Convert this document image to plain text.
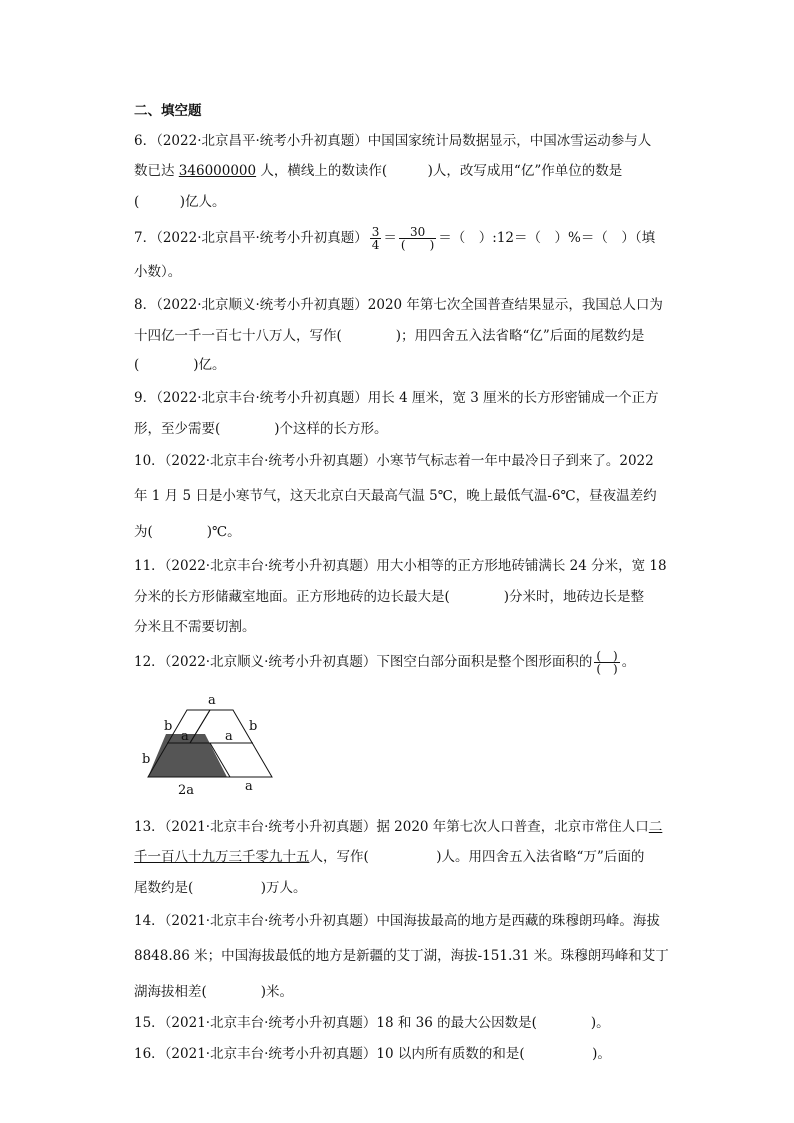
二、填空题
6．（2022·北京昌平·统考小升初真题）中国国家统计局数据显示，中国冰雪运动参与人
数已达 346000000 人，横线上的数读作(　　　)人，改写成用“亿”作单位的数是
(　　　)亿人。
7．（2022·北京昌平·统考小升初真题） $\frac{3}{4} = \frac{30}{( )}$ ＝（　）:12＝（　）%＝（　）（填
小数）。
8．（2022·北京顺义·统考小升初真题）2020 年第七次全国普查结果显示，我国总人口为
十四亿一千一百七十八万人，写作(　　　　)；用四舍五入法省略“亿”后面的尾数约是
(　　　　)亿。
9．（2022·北京丰台·统考小升初真题）用长 4 厘米，宽 3 厘米的长方形密铺成一个正方
形，至少需要(　　　　)个这样的长方形。
10．（2022·北京丰台·统考小升初真题）小寒节气标志着一年中最冷日子到来了。2022
年 1 月 5 日是小寒节气，这天北京白天最高气温 5℃，晚上最低气温-6℃，昼夜温差约
为(　　　　)℃。
11．（2022·北京丰台·统考小升初真题）用大小相等的正方形地砖铺满长 24 分米，宽 18
分米的长方形储藏室地面。正方形地砖的边长最大是(　　　　)分米时，地砖边长是整
分米且不需要切割。
12．（2022·北京顺义·统考小升初真题）下图空白部分面积是整个图形面积的 $\frac{( )}{( )}$ 。
a
b	b
a	a
b
2a	a
13．（2021·北京丰台·统考小升初真题）据 2020 年第七次人口普查，北京市常住人口二
千一百八十九万三千零九十五人，写作(　　　　　)人。用四舍五入法省略“万”后面的
尾数约是(　　　　　)万人。
14．（2021·北京丰台·统考小升初真题）中国海拔最高的地方是西藏的珠穆朗玛峰。海拔
8848.86 米；中国海拔最低的地方是新疆的艾丁湖，海拔-151.31 米。珠穆朗玛峰和艾丁
湖海拔相差(　　　　)米。
15．（2021·北京丰台·统考小升初真题）18 和 36 的最大公因数是(　　　　)。
16．（2021·北京丰台·统考小升初真题）10 以内所有质数的和是(　　　　　)。
